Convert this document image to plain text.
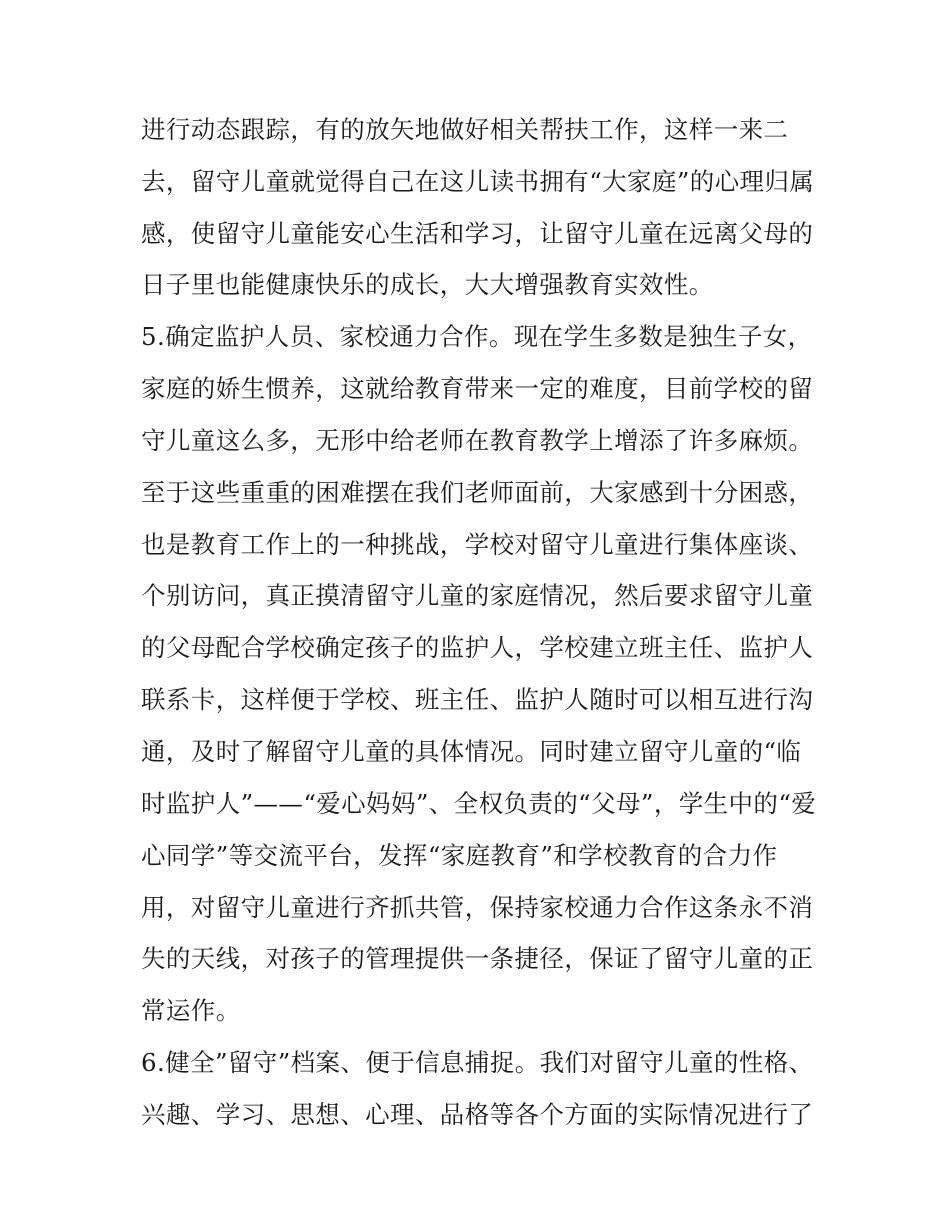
进行动态跟踪，有的放矢地做好相关帮扶工作，这样一来二
去，留守儿童就觉得自己在这儿读书拥有“大家庭”的心理归属
感，使留守儿童能安心生活和学习，让留守儿童在远离父母的
日子里也能健康快乐的成长，大大增强教育实效性。
5.确定监护人员、家校通力合作。现在学生多数是独生子女，
家庭的娇生惯养，这就给教育带来一定的难度，目前学校的留
守儿童这么多，无形中给老师在教育教学上增添了许多麻烦。
至于这些重重的困难摆在我们老师面前，大家感到十分困惑，
也是教育工作上的一种挑战，学校对留守儿童进行集体座谈、
个别访问，真正摸清留守儿童的家庭情况，然后要求留守儿童
的父母配合学校确定孩子的监护人，学校建立班主任、监护人
联系卡，这样便于学校、班主任、监护人随时可以相互进行沟
通，及时了解留守儿童的具体情况。同时建立留守儿童的“临
时监护人”——“爱心妈妈”、全权负责的“父母”，学生中的“爱
心同学”等交流平台，发挥“家庭教育”和学校教育的合力作
用，对留守儿童进行齐抓共管，保持家校通力合作这条永不消
失的天线，对孩子的管理提供一条捷径，保证了留守儿童的正
常运作。
6.健全”留守”档案、便于信息捕捉。我们对留守儿童的性格、
兴趣、学习、思想、心理、品格等各个方面的实际情况进行了
